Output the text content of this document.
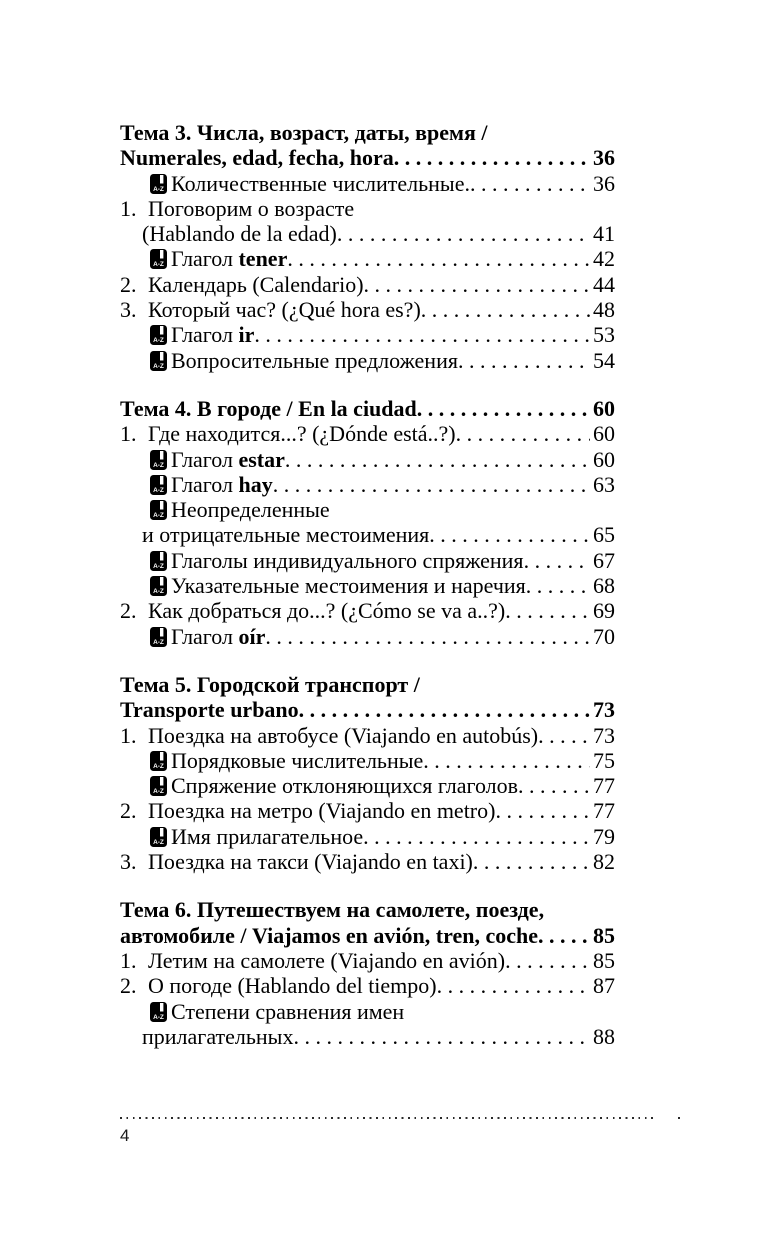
Тема 3. Числа, возраст, даты, время /
Numerales, edad, fecha, hora . . .	36
A-Z Количественные числительные. . . .	36
1. Поговорим о возрасте
(Hablando de la edad) . . .	41
A-Z Глагол tener . . .	42
2. Календарь (Calendario) . . .	44
3. Который час? (¿Qué hora es?) . . .	48
A-Z Глагол ir . . .	53
A-Z Вопросительные предложения . . .	54
Тема 4. В городе / En la ciudad . . .	60
1. Где находится...? (¿Dónde está..?) . . .	60
A-Z Глагол estar . . .	60
A-Z Глагол hay . . .	63
A-Z Неопределенные
и отрицательные местоимения . . .	65
A-Z Глаголы индивидуального спряжения . . .	67
A-Z Указательные местоимения и наречия . . .	68
2. Как добраться до...? (¿Cómo se va a..?) . . .	69
A-Z Глагол oír . . .	70
Тема 5. Городской транспорт /
Transporte urbano . . .	73
1. Поездка на автобусе (Viajando en autobús) . . . 73
A-Z Порядковые числительные . . .	75
A-Z Спряжение отклоняющихся глаголов . . .	77
2. Поездка на метро (Viajando en metro) . . .	77
A-Z Имя прилагательное . . .	79
3. Поездка на такси (Viajando en taxi) . . .	82
Тема 6. Путешествуем на самолете, поезде,
автомобиле / Viajamos en avión, tren, coche . . .	85
1. Летим на самолете (Viajando en avión) . . .	85
2. О погоде (Hablando del tiempo) . . .	87
A-Z Степени сравнения имен
прилагательных . . .	88
4
